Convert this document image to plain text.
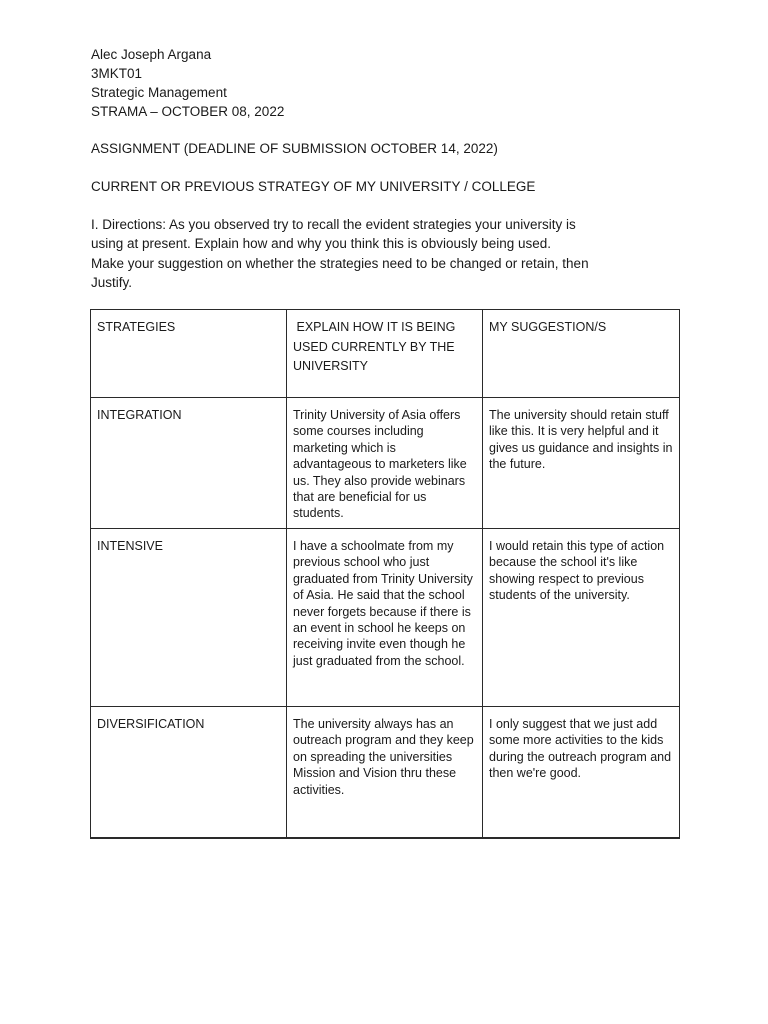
Alec Joseph Argana
3MKT01
Strategic Management
STRAMA – OCTOBER 08, 2022
ASSIGNMENT (DEADLINE OF SUBMISSION OCTOBER 14, 2022)
CURRENT OR PREVIOUS STRATEGY OF MY UNIVERSITY / COLLEGE
I. Directions: As you observed try to recall the evident strategies your university is
using at present. Explain how and why you think this is obviously being used.
Make your suggestion on whether the strategies need to be changed or retain, then
Justify.
STRATEGIES	EXPLAIN HOW IT IS BEING USED CURRENTLY BY THE UNIVERSITY	MY SUGGESTION/S
INTEGRATION	Trinity University of Asia offers some courses including marketing which is advantageous to marketers like us. They also provide webinars that are beneficial for us students.	The university should retain stuff like this. It is very helpful and it gives us guidance and insights in the future.
INTENSIVE	I have a schoolmate from my previous school who just graduated from Trinity University of Asia. He said that the school never forgets because if there is an event in school he keeps on receiving invite even though he just graduated from the school.	I would retain this type of action because the school it's like showing respect to previous students of the university.
DIVERSIFICATION	The university always has an outreach program and they keep on spreading the universities Mission and Vision thru these activities.	I only suggest that we just add some more activities to the kids during the outreach program and then we're good.
